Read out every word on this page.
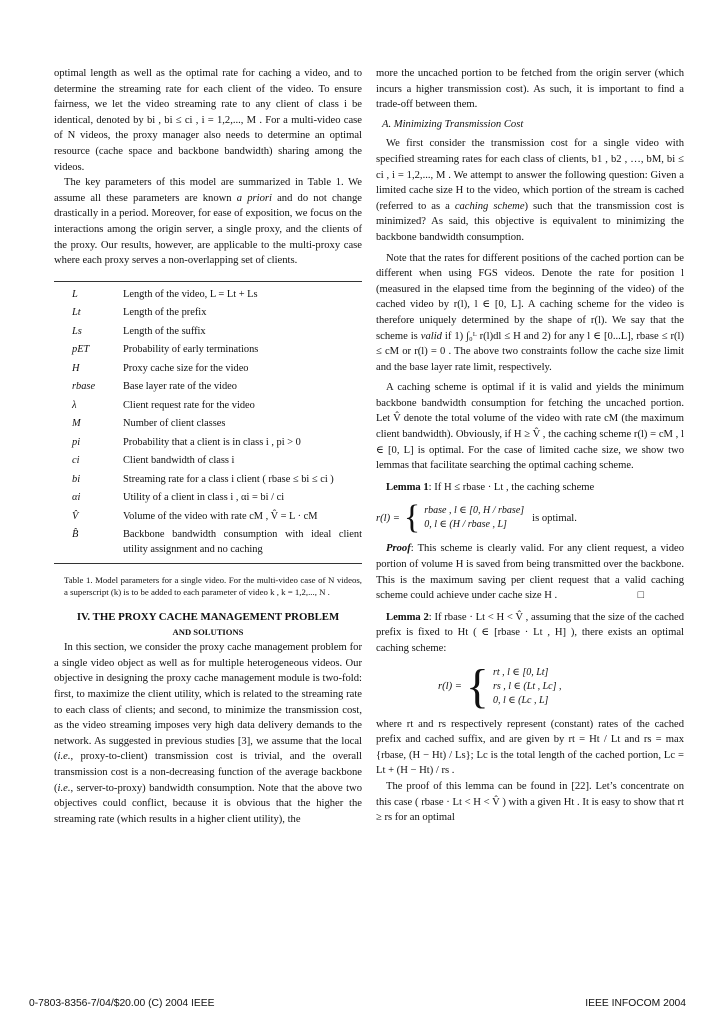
optimal length as well as the optimal rate for caching a video, and to determine the streaming rate for each client of the video. To ensure fairness, we let the video streaming rate to any client of class i be identical, denoted by bi , bi ≤ ci , i = 1,2,..., M . For a multi-video case of N videos, the proxy manager also needs to determine an optimal resource (cache space and backbone bandwidth) sharing among the videos.

The key parameters of this model are summarized in Table 1. We assume all these parameters are known a priori and do not change drastically in a period. Moreover, for ease of exposition, we focus on the interactions among the origin server, a single proxy, and the clients of the proxy. Our results, however, are applicable to the multi-proxy case where each proxy serves a non-overlapping set of clients.

L	Length of the video, L = Lt + Ls
Lt	Length of the prefix
Ls	Length of the suffix
pET	Probability of early terminations
H	Proxy cache size for the video
rbase	Base layer rate of the video
λ	Client request rate for the video
M	Number of client classes
pi	Probability that a client is in class i , pi > 0
ci	Client bandwidth of class i
bi	Streaming rate for a class i client ( rbase ≤ bi ≤ ci )
αi	Utility of a client in class i , αi = bi / ci
V̂	Volume of the video with rate cM , V̂ = L · cM
B̂	Backbone bandwidth consumption with ideal client utility assignment and no caching

Table 1. Model parameters for a single video. For the multi-video case of N videos, a superscript (k) is to be added to each parameter of video k , k = 1,2,..., N .

IV. THE PROXY CACHE MANAGEMENT PROBLEM
AND SOLUTIONS

In this section, we consider the proxy cache management problem for a single video object as well as for multiple heterogeneous videos. Our objective in designing the proxy cache management module is two-fold: first, to maximize the client utility, which is related to the streaming rate to each class of clients; and second, to minimize the transmission cost, as the video streaming imposes very high data delivery demands to the network. As suggested in previous studies [3], we assume that the local (i.e., proxy-to-client) transmission cost is trivial, and the overall transmission cost is a non-decreasing function of the average backbone (i.e., server-to-proxy) bandwidth consumption. Note that the above two objectives could conflict, because it is obvious that the higher the streaming rate (which results in a higher client utility), the

more the uncached portion to be fetched from the origin server (which incurs a higher transmission cost). As such, it is important to find a trade-off between them.

A. Minimizing Transmission Cost

We first consider the transmission cost for a single video with specified streaming rates for each class of clients, b1 , b2 , …, bM, bi ≤ ci , i = 1,2,..., M . We attempt to answer the following question: Given a limited cache size H to the video, which portion of the stream is cached (referred to as a caching scheme) such that the transmission cost is minimized? As said, this objective is equivalent to minimizing the backbone bandwidth consumption.

Note that the rates for different positions of the cached portion can be different when using FGS videos. Denote the rate for position l (measured in the elapsed time from the beginning of the video) of the cached video by r(l), l ∈ [0, L]. A caching scheme for the video is therefore uniquely determined by the shape of r(l). We say that the scheme is valid if 1) ∫₀ᴸ r(l)dl ≤ H and 2) for any l ∈ [0...L], rbase ≤ r(l) ≤ cM or r(l) = 0 . The above two constraints follow the cache size limit and the base layer rate limit, respectively.

A caching scheme is optimal if it is valid and yields the minimum backbone bandwidth consumption for fetching the uncached portion. Let V̂ denote the total volume of the video with rate cM (the maximum client bandwidth). Obviously, if H ≥ V̂ , the caching scheme r(l) = cM , l ∈ [0, L] is optimal. For the case of limited cache size, we show two lemmas that facilitate searching the optimal caching scheme.

Lemma 1: If H ≤ rbase · Lt , the caching scheme

r(l) = { rbase , l ∈ [0, H / rbase]
0, l ∈ (H / rbase , L]
is optimal.

Proof: This scheme is clearly valid. For any client request, a video portion of volume H is saved from being transmitted over the backbone. This is the maximum saving per client request that a valid caching scheme could achieve under cache size H .	□

Lemma 2: If rbase · Lt < H < V̂ , assuming that the size of the cached prefix is fixed to Ht ( ∈ [rbase · Lt , H] ), there exists an optimal caching scheme:

r(l) = { rt , l ∈ [0, Lt]
rs , l ∈ (Lt , Lc] ,
0, l ∈ (Lc , L]

where rt and rs respectively represent (constant) rates of the cached prefix and cached suffix, and are given by rt = Ht / Lt and rs = max {rbase, (H − Ht) / Ls}; Lc is the total length of the cached portion, Lc = Lt + (H − Ht) / rs .

The proof of this lemma can be found in [22]. Let’s concentrate on this case ( rbase · Lt < H < V̂ ) with a given Ht . It is easy to show that rt ≥ rs for an optimal

0-7803-8356-7/04/$20.00 (C) 2004 IEEE	IEEE INFOCOM 2004
